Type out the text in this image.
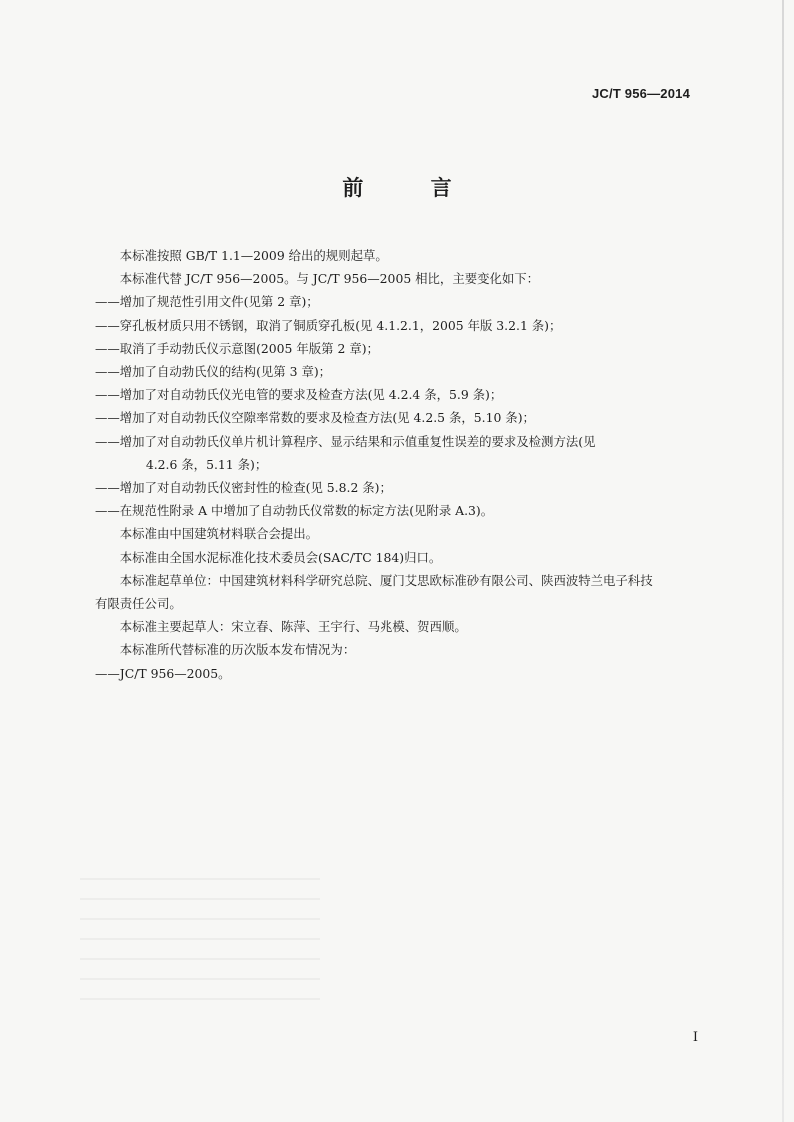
JC/T 956—2014
前 言

本标准按照 GB/T 1.1—2009 给出的规则起草。

本标准代替 JC/T 956—2005。与 JC/T 956—2005 相比，主要变化如下：

——增加了规范性引用文件(见第 2 章)；

——穿孔板材质只用不锈钢，取消了铜质穿孔板(见 4.1.2.1，2005 年版 3.2.1 条)；

——取消了手动勃氏仪示意图(2005 年版第 2 章)；

——增加了自动勃氏仪的结构(见第 3 章)；

——增加了对自动勃氏仪光电管的要求及检查方法(见 4.2.4 条，5.9 条)；

——增加了对自动勃氏仪空隙率常数的要求及检查方法(见 4.2.5 条，5.10 条)；

——增加了对自动勃氏仪单片机计算程序、显示结果和示值重复性误差的要求及检测方法(见

4.2.6 条，5.11 条)；

——增加了对自动勃氏仪密封性的检查(见 5.8.2 条)；

——在规范性附录 A 中增加了自动勃氏仪常数的标定方法(见附录 A.3)。

本标准由中国建筑材料联合会提出。

本标准由全国水泥标准化技术委员会(SAC/TC 184)归口。

本标准起草单位：中国建筑材料科学研究总院、厦门艾思欧标准砂有限公司、陕西波特兰电子科技

有限责任公司。

本标准主要起草人：宋立春、陈萍、王宇行、马兆模、贺西顺。

本标准所代替标准的历次版本发布情况为：

——JC/T 956—2005。

I
